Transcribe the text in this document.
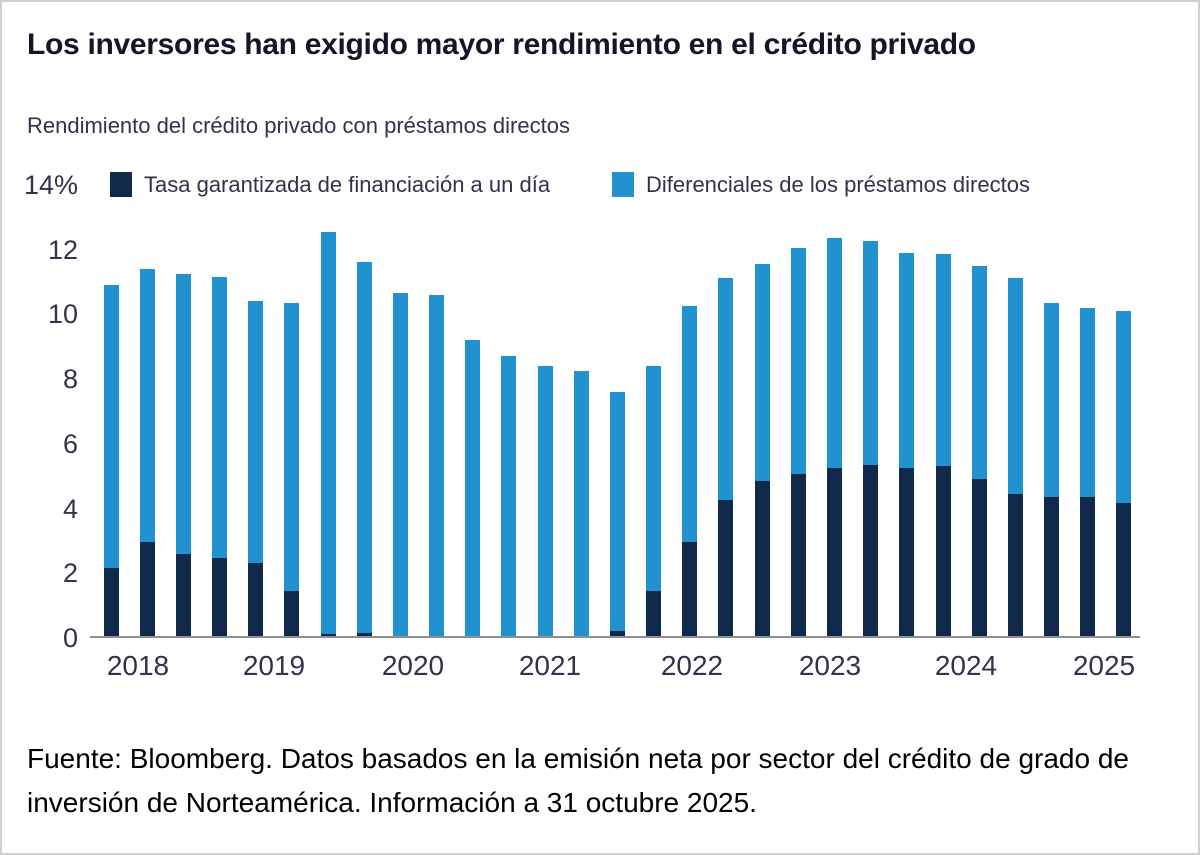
Los inversores han exigido mayor rendimiento en el crédito privado
Rendimiento del crédito privado con préstamos directos
Tasa garantizada de financiación a un día	Diferenciales de los préstamos directos
14%
12
10
8
6
4
2
0
2018	2019	2020	2021	2022	2023	2024	2025
Fuente: Bloomberg. Datos basados en la emisión neta por sector del crédito de grado de inversión de Norteamérica. Información a 31 octubre 2025.
